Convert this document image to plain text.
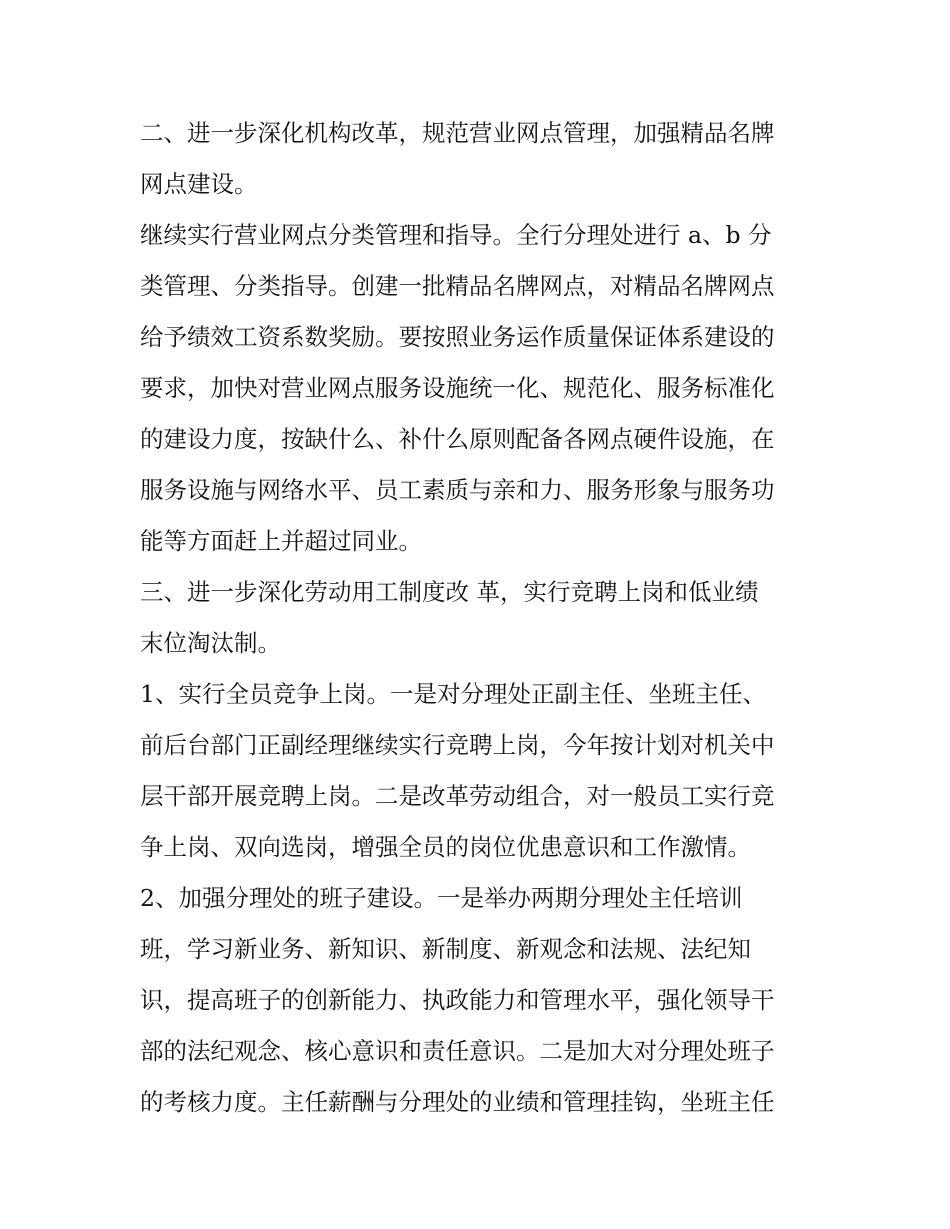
二、进一步深化机构改革，规范营业网点管理，加强精品名牌
网点建设。
继续实行营业网点分类管理和指导。全行分理处进行 a、b 分
类管理、分类指导。创建一批精品名牌网点，对精品名牌网点
给予绩效工资系数奖励。要按照业务运作质量保证体系建设的
要求，加快对营业网点服务设施统一化、规范化、服务标准化
的建设力度，按缺什么、补什么原则配备各网点硬件设施，在
服务设施与网络水平、员工素质与亲和力、服务形象与服务功
能等方面赶上并超过同业。
三、进一步深化劳动用工制度改 革，实行竞聘上岗和低业绩
末位淘汰制。
1、实行全员竞争上岗。一是对分理处正副主任、坐班主任、
前后台部门正副经理继续实行竞聘上岗，今年按计划对机关中
层干部开展竞聘上岗。二是改革劳动组合，对一般员工实行竞
争上岗、双向选岗，增强全员的岗位优患意识和工作激情。
2、加强分理处的班子建设。一是举办两期分理处主任培训
班，学习新业务、新知识、新制度、新观念和法规、法纪知
识，提高班子的创新能力、执政能力和管理水平，强化领导干
部的法纪观念、核心意识和责任意识。二是加大对分理处班子
的考核力度。主任薪酬与分理处的业绩和管理挂钩，坐班主任
